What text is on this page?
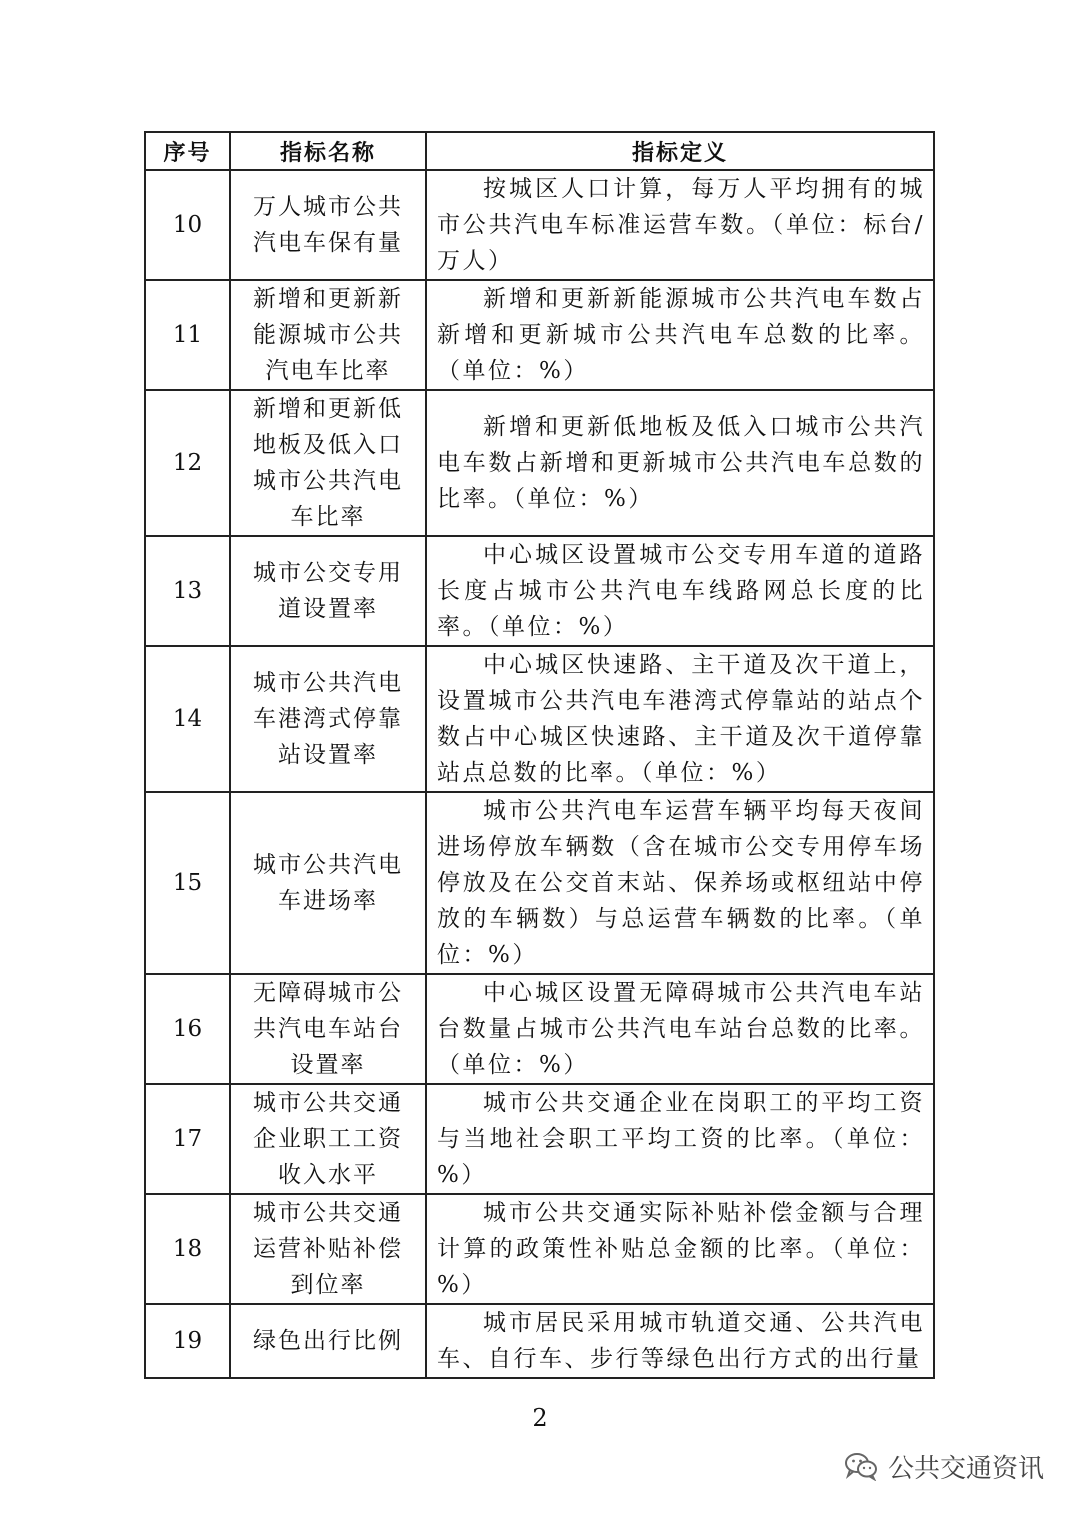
序号	指标名称	指标定义
10	万人城市公共汽电车保有量	按城区人口计算，每万人平均拥有的城市公共汽电车标准运营车数。（单位：标台/万人）
11	新增和更新新能源城市公共汽电车比率	新增和更新新能源城市公共汽电车数占新增和更新城市公共汽电车总数的比率。（单位：%）
12	新增和更新低地板及低入口城市公共汽电车比率	新增和更新低地板及低入口城市公共汽电车数占新增和更新城市公共汽电车总数的比率。（单位：%）
13	城市公交专用道设置率	中心城区设置城市公交专用车道的道路长度占城市公共汽电车线路网总长度的比率。（单位：%）
14	城市公共汽电车港湾式停靠站设置率	中心城区快速路、主干道及次干道上，设置城市公共汽电车港湾式停靠站的站点个数占中心城区快速路、主干道及次干道停靠站点总数的比率。（单位：%）
15	城市公共汽电车进场率	城市公共汽电车运营车辆平均每天夜间进场停放车辆数（含在城市公交专用停车场停放及在公交首末站、保养场或枢纽站中停放的车辆数）与总运营车辆数的比率。（单位：%）
16	无障碍城市公共汽电车站台设置率	中心城区设置无障碍城市公共汽电车站台数量占城市公共汽电车站台总数的比率。（单位：%）
17	城市公共交通企业职工工资收入水平	城市公共交通企业在岗职工的平均工资与当地社会职工平均工资的比率。（单位：%）
18	城市公共交通运营补贴补偿到位率	城市公共交通实际补贴补偿金额与合理计算的政策性补贴总金额的比率。（单位：%）
19	绿色出行比例	城市居民采用城市轨道交通、公共汽电车、自行车、步行等绿色出行方式的出行量
2
公共交通资讯
